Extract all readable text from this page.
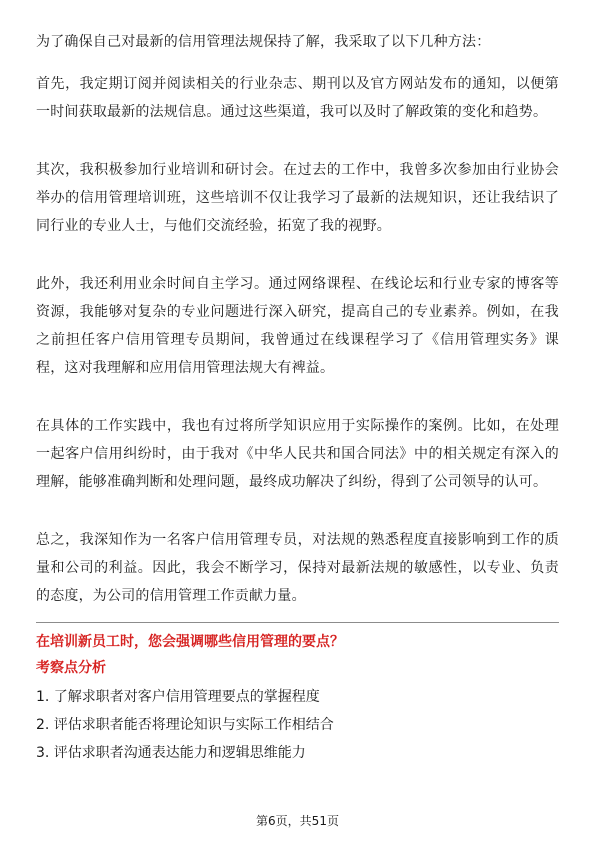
为了确保自己对最新的信用管理法规保持了解，我采取了以下几种方法：

首先，我定期订阅并阅读相关的行业杂志、期刊以及官方网站发布的通知，以便第一时间获取最新的法规信息。通过这些渠道，我可以及时了解政策的变化和趋势。

其次，我积极参加行业培训和研讨会。在过去的工作中，我曾多次参加由行业协会举办的信用管理培训班，这些培训不仅让我学习了最新的法规知识，还让我结识了同行业的专业人士，与他们交流经验，拓宽了我的视野。

此外，我还利用业余时间自主学习。通过网络课程、在线论坛和行业专家的博客等资源，我能够对复杂的专业问题进行深入研究，提高自己的专业素养。例如，在我之前担任客户信用管理专员期间，我曾通过在线课程学习了《信用管理实务》课程，这对我理解和应用信用管理法规大有裨益。

在具体的工作实践中，我也有过将所学知识应用于实际操作的案例。比如，在处理一起客户信用纠纷时，由于我对《中华人民共和国合同法》中的相关规定有深入的理解，能够准确判断和处理问题，最终成功解决了纠纷，得到了公司领导的认可。

总之，我深知作为一名客户信用管理专员，对法规的熟悉程度直接影响到工作的质量和公司的利益。因此，我会不断学习，保持对最新法规的敏感性，以专业、负责的态度，为公司的信用管理工作贡献力量。

在培训新员工时，您会强调哪些信用管理的要点？

考察点分析

1. 了解求职者对客户信用管理要点的掌握程度
2. 评估求职者能否将理论知识与实际工作相结合
3. 评估求职者沟通表达能力和逻辑思维能力
第6页，共51页
